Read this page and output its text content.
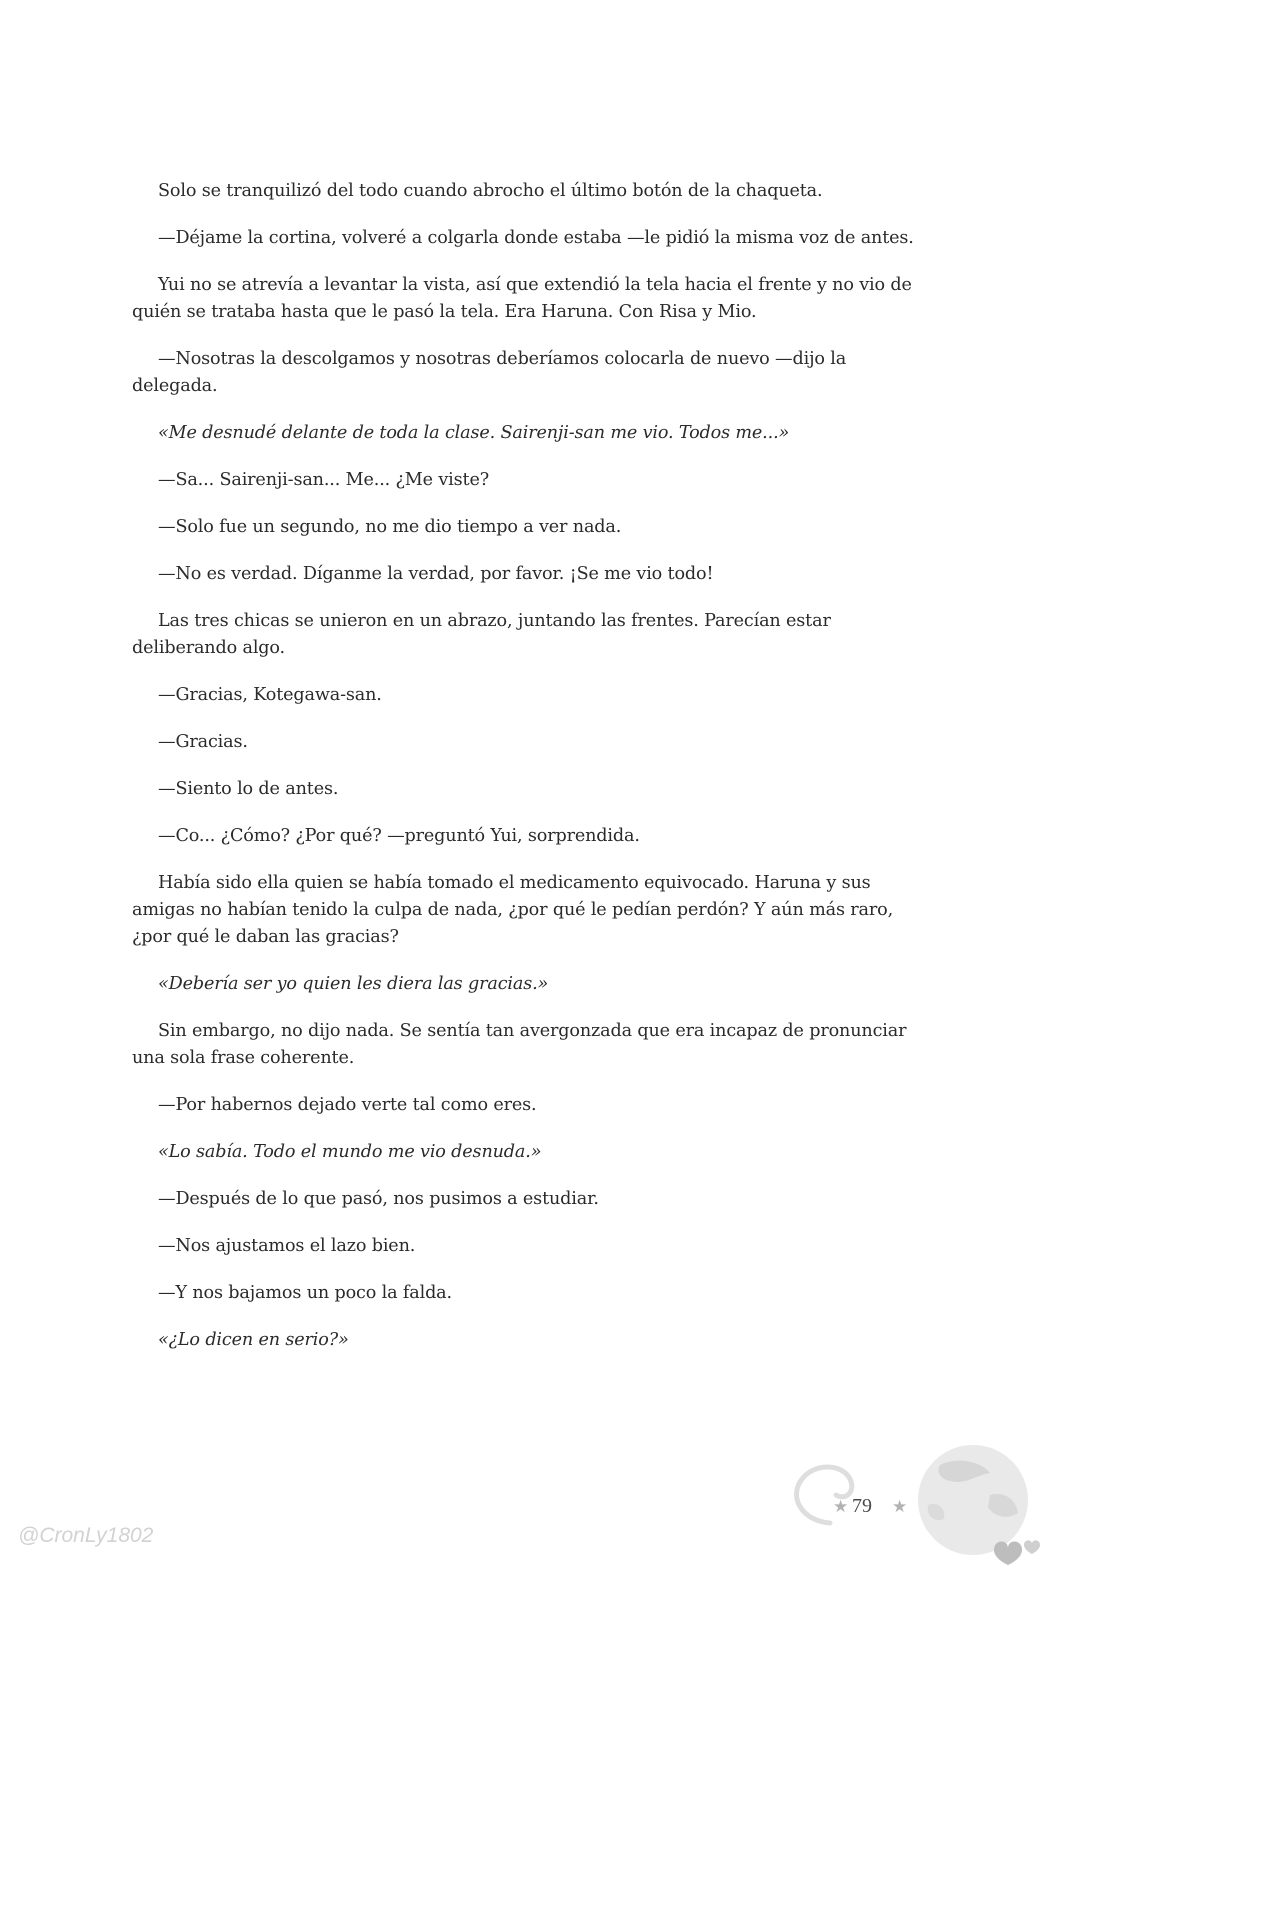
Solo se tranquilizó del todo cuando abrocho el último botón de la chaqueta.

—Déjame la cortina, volveré a colgarla donde estaba —le pidió la misma voz de antes.

Yui no se atrevía a levantar la vista, así que extendió la tela hacia el frente y no vio de quién se trataba hasta que le pasó la tela. Era Haruna. Con Risa y Mio.

—Nosotras la descolgamos y nosotras deberíamos colocarla de nuevo —dijo la delegada.

«Me desnudé delante de toda la clase. Sairenji-san me vio. Todos me...»

—Sa... Sairenji-san... Me... ¿Me viste?

—Solo fue un segundo, no me dio tiempo a ver nada.

—No es verdad. Díganme la verdad, por favor. ¡Se me vio todo!

Las tres chicas se unieron en un abrazo, juntando las frentes. Parecían estar deliberando algo.

—Gracias, Kotegawa-san.

—Gracias.

—Siento lo de antes.

—Co... ¿Cómo? ¿Por qué? —preguntó Yui, sorprendida.

Había sido ella quien se había tomado el medicamento equivocado. Haruna y sus amigas no habían tenido la culpa de nada, ¿por qué le pedían perdón? Y aún más raro, ¿por qué le daban las gracias?

«Debería ser yo quien les diera las gracias.»

Sin embargo, no dijo nada. Se sentía tan avergonzada que era incapaz de pronunciar una sola frase coherente.

—Por habernos dejado verte tal como eres.

«Lo sabía. Todo el mundo me vio desnuda.»

—Después de lo que pasó, nos pusimos a estudiar.

—Nos ajustamos el lazo bien.

—Y nos bajamos un poco la falda.

«¿Lo dicen en serio?»

★ 79 ★
@CronLy1802
